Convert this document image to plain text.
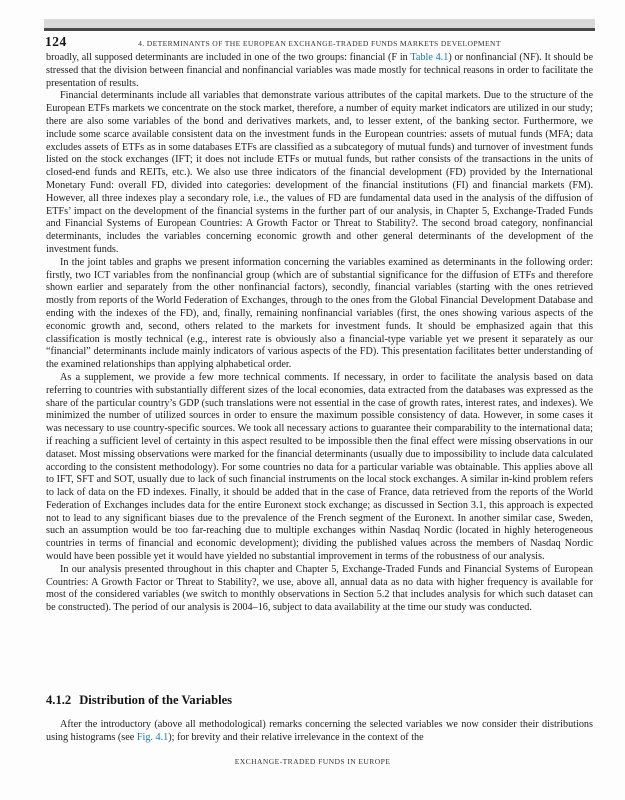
124	4. DETERMINANTS OF THE EUROPEAN EXCHANGE-TRADED FUNDS MARKETS DEVELOPMENT

broadly, all supposed determinants are included in one of the two groups: financial (F in Table 4.1) or nonfinancial (NF). It should be stressed that the division between financial and nonfinancial variables was made mostly for technical reasons in order to facilitate the presentation of results.

Financial determinants include all variables that demonstrate various attributes of the capital markets. Due to the structure of the European ETFs markets we concentrate on the stock market, therefore, a number of equity market indicators are utilized in our study; there are also some variables of the bond and derivatives markets, and, to lesser extent, of the banking sector. Furthermore, we include some scarce available consistent data on the investment funds in the European countries: assets of mutual funds (MFA; data excludes assets of ETFs as in some databases ETFs are classified as a subcategory of mutual funds) and turnover of investment funds listed on the stock exchanges (IFT; it does not include ETFs or mutual funds, but rather consists of the transactions in the units of closed-end funds and REITs, etc.). We also use three indicators of the financial development (FD) provided by the International Monetary Fund: overall FD, divided into categories: development of the financial institutions (FI) and financial markets (FM). However, all three indexes play a secondary role, i.e., the values of FD are fundamental data used in the analysis of the diffusion of ETFs’ impact on the development of the financial systems in the further part of our analysis, in Chapter 5, Exchange-Traded Funds and Financial Systems of European Countries: A Growth Factor or Threat to Stability?. The second broad category, nonfinancial determinants, includes the variables concerning economic growth and other general determinants of the development of the investment funds.

In the joint tables and graphs we present information concerning the variables examined as determinants in the following order: firstly, two ICT variables from the nonfinancial group (which are of substantial significance for the diffusion of ETFs and therefore shown earlier and separately from the other nonfinancial factors), secondly, financial variables (starting with the ones retrieved mostly from reports of the World Federation of Exchanges, through to the ones from the Global Financial Development Database and ending with the indexes of the FD), and, finally, remaining nonfinancial variables (first, the ones showing various aspects of the economic growth and, second, others related to the markets for investment funds. It should be emphasized again that this classification is mostly technical (e.g., interest rate is obviously also a financial-type variable yet we present it separately as our “financial” determinants include mainly indicators of various aspects of the FD). This presentation facilitates better understanding of the examined relationships than applying alphabetical order.

As a supplement, we provide a few more technical comments. If necessary, in order to facilitate the analysis based on data referring to countries with substantially different sizes of the local economies, data extracted from the databases was expressed as the share of the particular country’s GDP (such translations were not essential in the case of growth rates, interest rates, and indexes). We minimized the number of utilized sources in order to ensure the maximum possible consistency of data. However, in some cases it was necessary to use country-specific sources. We took all necessary actions to guarantee their comparability to the international data; if reaching a sufficient level of certainty in this aspect resulted to be impossible then the final effect were missing observations in our dataset. Most missing observations were marked for the financial determinants (usually due to impossibility to include data calculated according to the consistent methodology). For some countries no data for a particular variable was obtainable. This applies above all to IFT, SFT and SOT, usually due to lack of such financial instruments on the local stock exchanges. A similar in-kind problem refers to lack of data on the FD indexes. Finally, it should be added that in the case of France, data retrieved from the reports of the World Federation of Exchanges includes data for the entire Euronext stock exchange; as discussed in Section 3.1, this approach is expected not to lead to any significant biases due to the prevalence of the French segment of the Euronext. In another similar case, Sweden, such an assumption would be too far-reaching due to multiple exchanges within Nasdaq Nordic (located in highly heterogeneous countries in terms of financial and economic development); dividing the published values across the members of Nasdaq Nordic would have been possible yet it would have yielded no substantial improvement in terms of the robustness of our analysis.

In our analysis presented throughout in this chapter and Chapter 5, Exchange-Traded Funds and Financial Systems of European Countries: A Growth Factor or Threat to Stability?, we use, above all, annual data as no data with higher frequency is available for most of the considered variables (we switch to monthly observations in Section 5.2 that includes analysis for which such dataset can be constructed). The period of our analysis is 2004–16, subject to data availability at the time our study was conducted.

4.1.2 Distribution of the Variables

After the introductory (above all methodological) remarks concerning the selected variables we now consider their distributions using histograms (see Fig. 4.1); for brevity and their relative irrelevance in the context of the

EXCHANGE-TRADED FUNDS IN EUROPE
